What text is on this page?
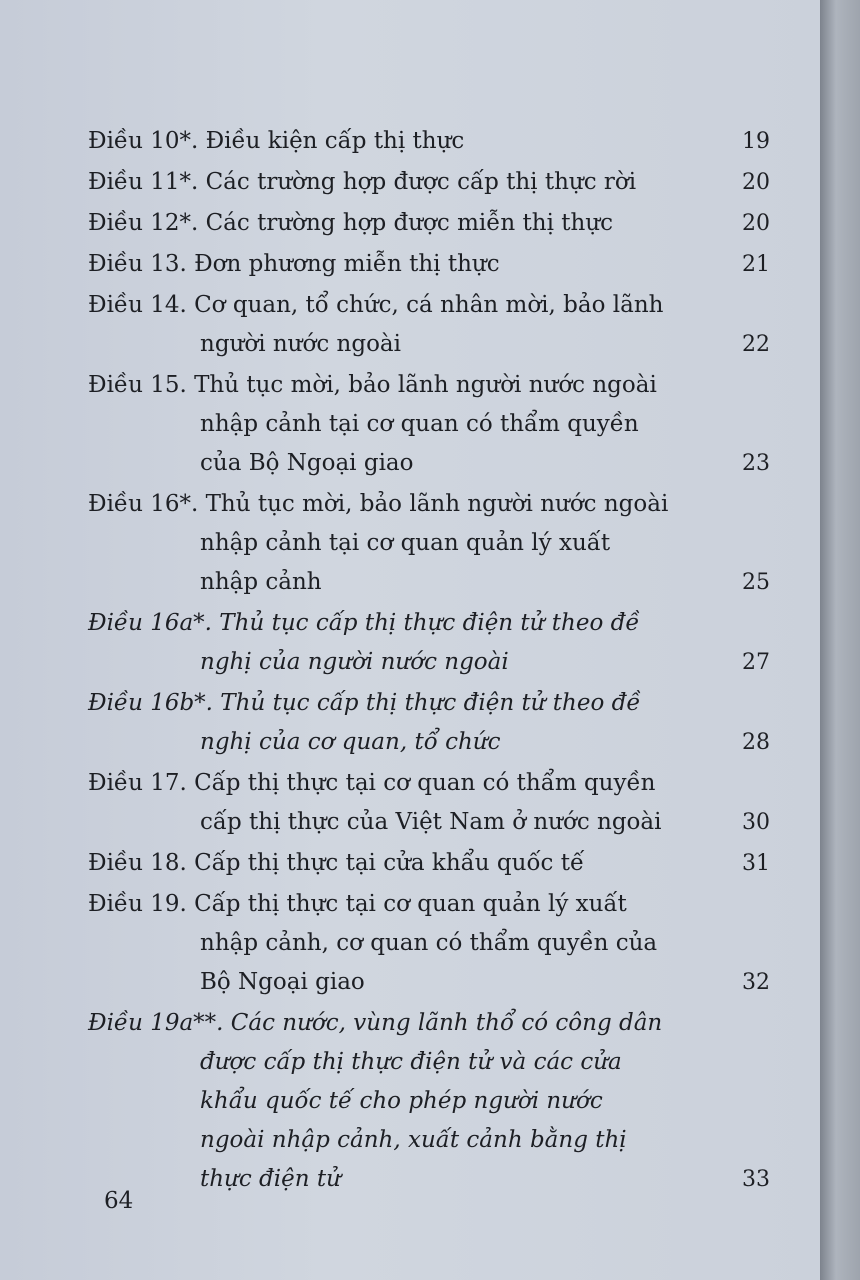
Điều 10*. Điều kiện cấp thị thực	19
Điều 11*. Các trường hợp được cấp thị thực rời	20
Điều 12*. Các trường hợp được miễn thị thực	20
Điều 13. Đơn phương miễn thị thực	21
Điều 14. Cơ quan, tổ chức, cá nhân mời, bảo lãnh
người nước ngoài	22
Điều 15. Thủ tục mời, bảo lãnh người nước ngoài
nhập cảnh tại cơ quan có thẩm quyền
của Bộ Ngoại giao	23
Điều 16*. Thủ tục mời, bảo lãnh người nước ngoài
nhập cảnh tại cơ quan quản lý xuất
nhập cảnh	25
Điều 16a*. Thủ tục cấp thị thực điện tử theo đề
nghị của người nước ngoài	27
Điều 16b*. Thủ tục cấp thị thực điện tử theo đề
nghị của cơ quan, tổ chức	28
Điều 17. Cấp thị thực tại cơ quan có thẩm quyền
cấp thị thực của Việt Nam ở nước ngoài	30
Điều 18. Cấp thị thực tại cửa khẩu quốc tế	31
Điều 19. Cấp thị thực tại cơ quan quản lý xuất
nhập cảnh, cơ quan có thẩm quyền của
Bộ Ngoại giao	32
Điều 19a**. Các nước, vùng lãnh thổ có công dân
được cấp thị thực điện tử và các cửa
khẩu quốc tế cho phép người nước
ngoài nhập cảnh, xuất cảnh bằng thị
thực điện tử	33
64
